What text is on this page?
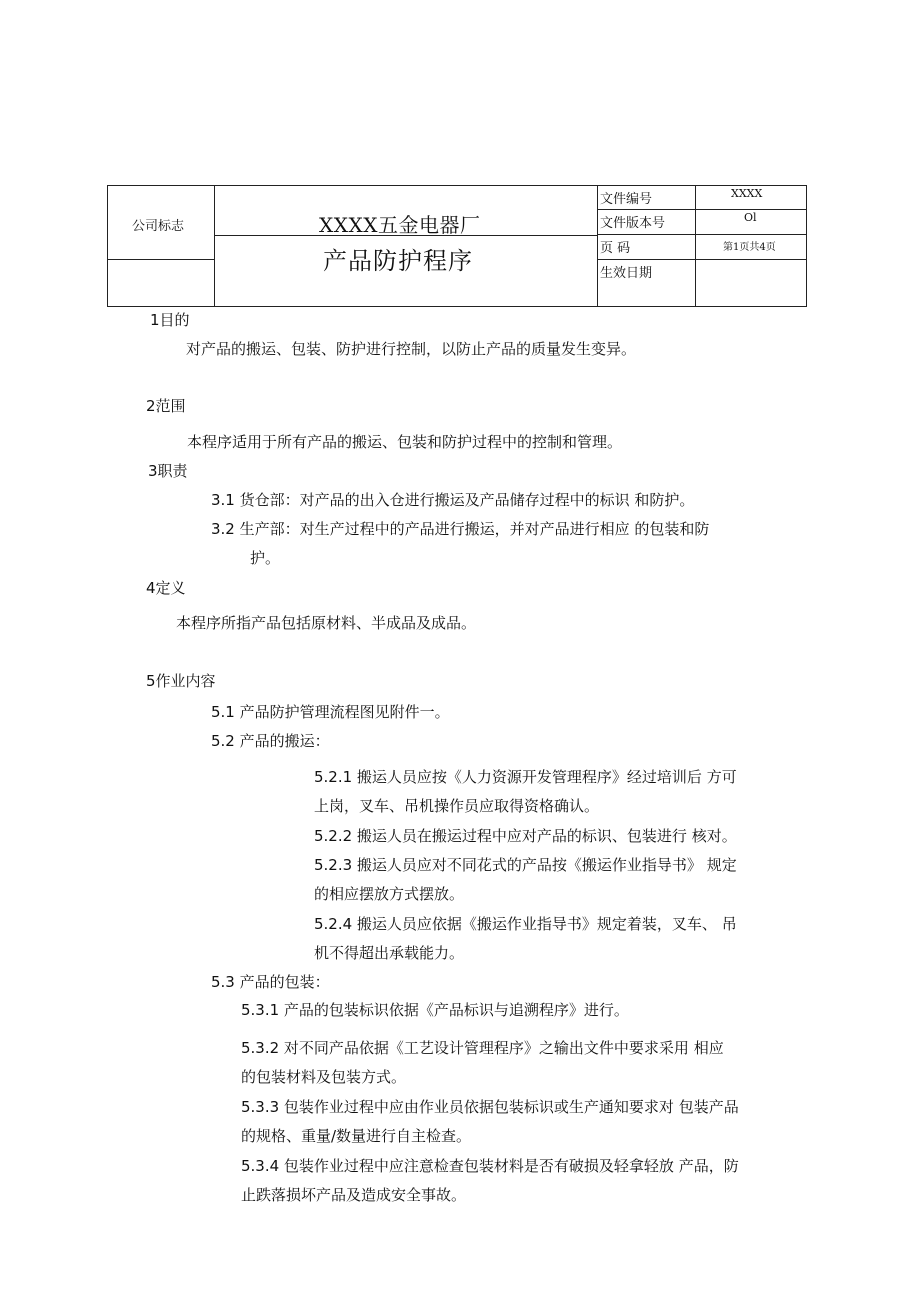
公司标志	XXXX五金电器厂
产品防护程序
文件编号	XXXX
文件版本号	Ol
页 码	第1页共4页
生效日期
1目的
对产品的搬运、包装、防护进行控制，以防止产品的质量发生变异。
2范围
本程序适用于所有产品的搬运、包装和防护过程中的控制和管理。
3职责
3.1 货仓部：对产品的出入仓进行搬运及产品储存过程中的标识 和防护。
3.2 生产部：对生产过程中的产品进行搬运，并对产品进行相应 的包装和防
护。
4定义
本程序所指产品包括原材料、半成品及成品。
5作业内容
5.1 产品防护管理流程图见附件一。
5.2 产品的搬运：
5.2.1 搬运人员应按《人力资源开发管理程序》经过培训后 方可
上岗，叉车、吊机操作员应取得资格确认。
5.2.2 搬运人员在搬运过程中应对产品的标识、包装进行 核对。
5.2.3 搬运人员应对不同花式的产品按《搬运作业指导书》 规定
的相应摆放方式摆放。
5.2.4 搬运人员应依据《搬运作业指导书》规定着装，叉车、 吊
机不得超出承载能力。
5.3 产品的包装：
5.3.1 产品的包装标识依据《产品标识与追溯程序》进行。
5.3.2 对不同产品依据《工艺设计管理程序》之输出文件中要求采用 相应
的包装材料及包装方式。
5.3.3 包装作业过程中应由作业员依据包装标识或生产通知要求对 包装产品
的规格、重量/数量进行自主检查。
5.3.4 包装作业过程中应注意检查包装材料是否有破损及轻拿轻放 产品，防
止跌落损坏产品及造成安全事故。
